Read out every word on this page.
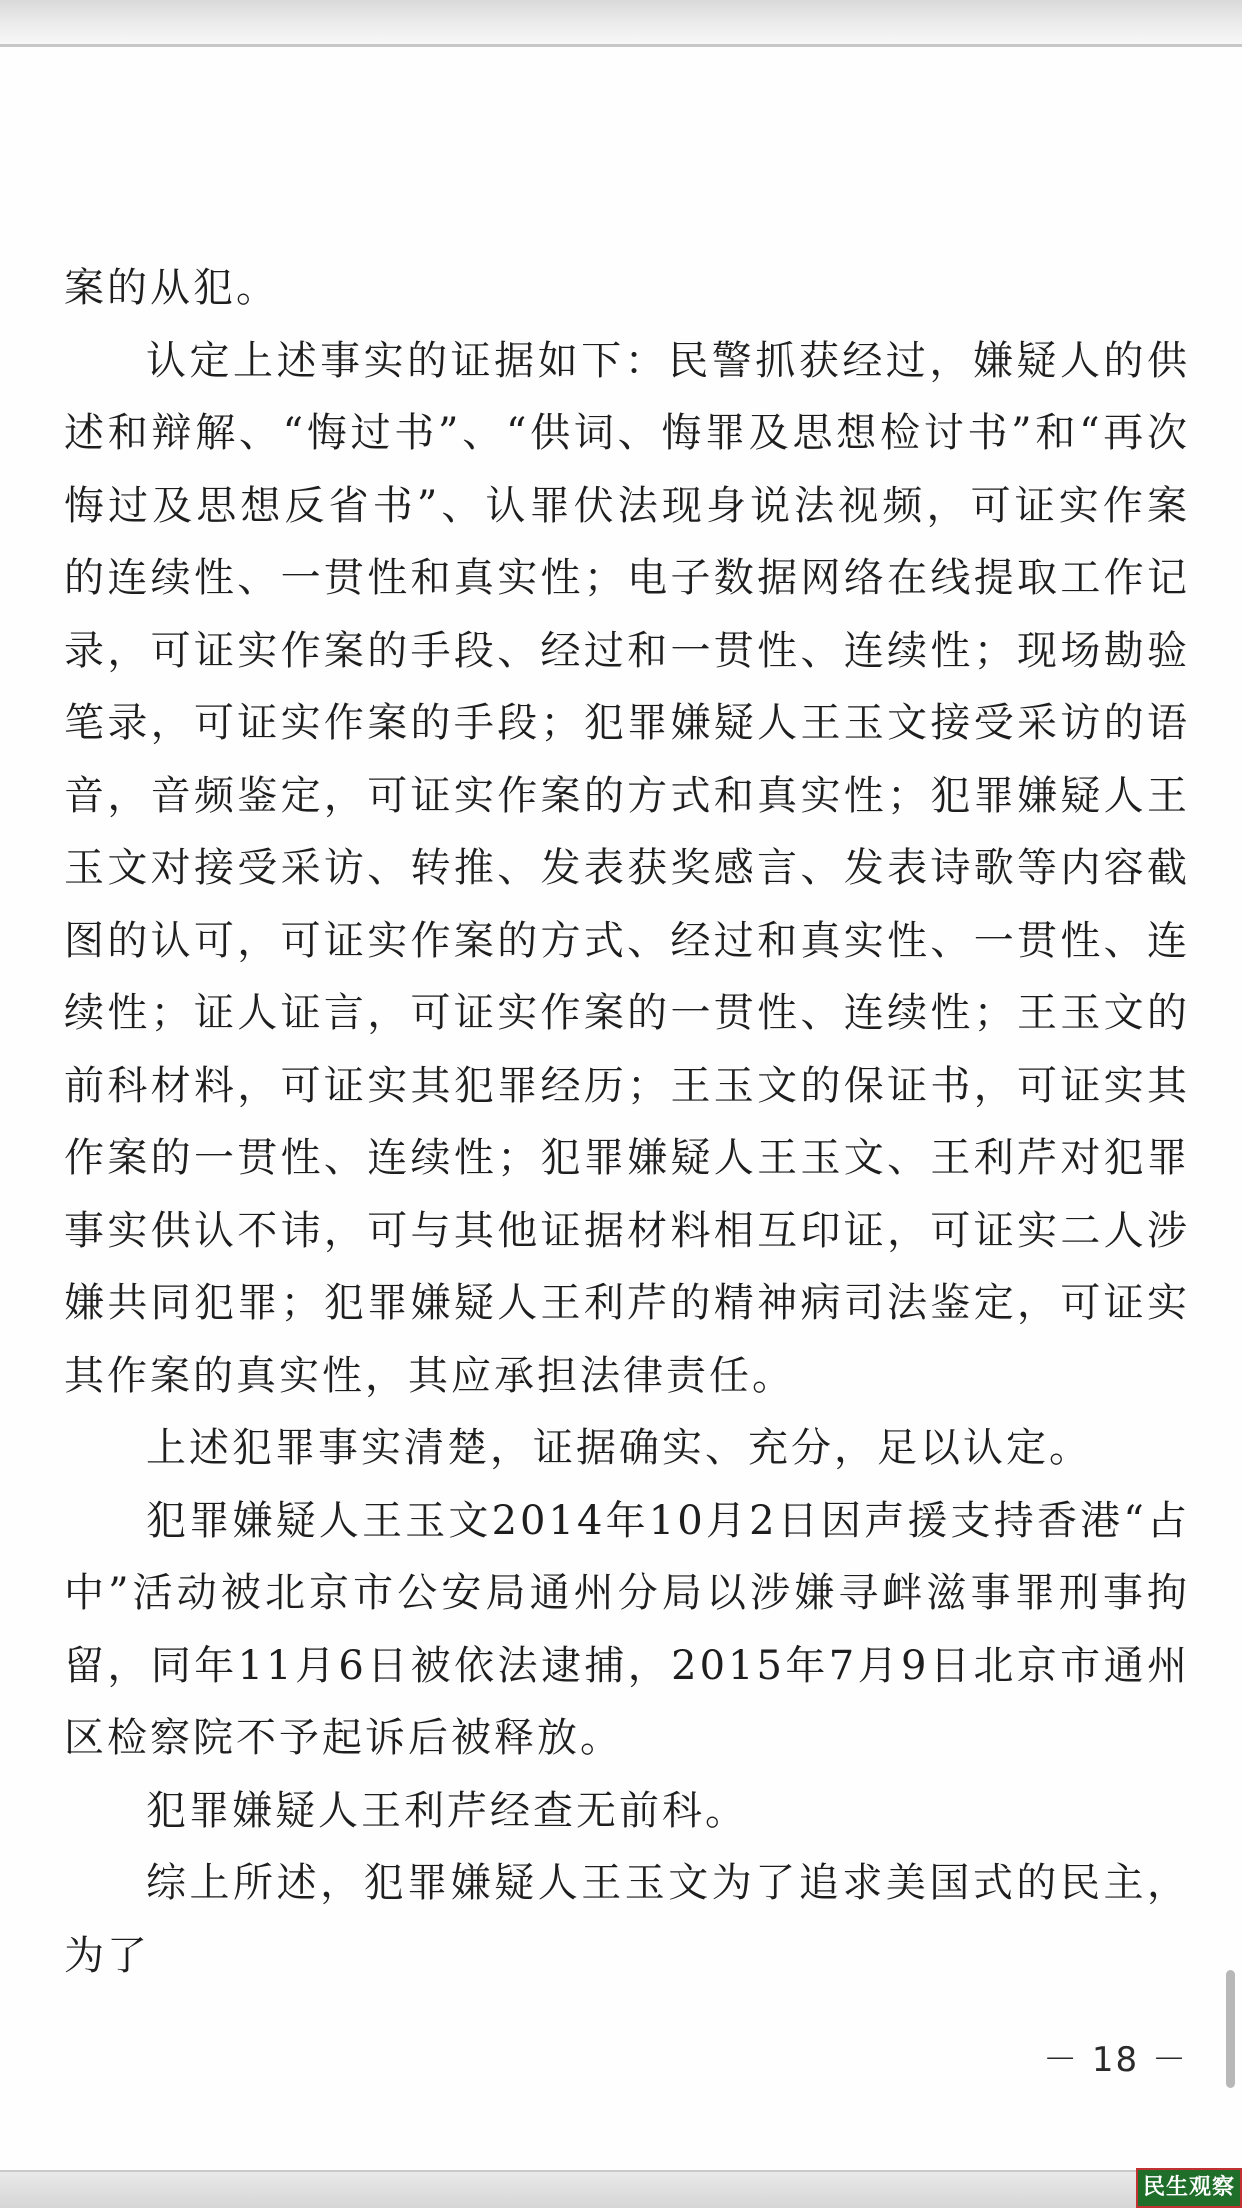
案的从犯。

认定上述事实的证据如下：民警抓获经过，嫌疑人的供述和辩解、“悔过书”、“供词、悔罪及思想检讨书”和“再次悔过及思想反省书”、认罪伏法现身说法视频，可证实作案的连续性、一贯性和真实性；电子数据网络在线提取工作记录，可证实作案的手段、经过和一贯性、连续性；现场勘验笔录，可证实作案的手段；犯罪嫌疑人王玉文接受采访的语音，音频鉴定，可证实作案的方式和真实性；犯罪嫌疑人王玉文对接受采访、转推、发表获奖感言、发表诗歌等内容截图的认可，可证实作案的方式、经过和真实性、一贯性、连续性；证人证言，可证实作案的一贯性、连续性；王玉文的前科材料，可证实其犯罪经历；王玉文的保证书，可证实其作案的一贯性、连续性；犯罪嫌疑人王玉文、王利芹对犯罪事实供认不讳，可与其他证据材料相互印证，可证实二人涉嫌共同犯罪；犯罪嫌疑人王利芹的精神病司法鉴定，可证实其作案的真实性，其应承担法律责任。

上述犯罪事实清楚，证据确实、充分，足以认定。

犯罪嫌疑人王玉文2014年10月2日因声援支持香港“占中”活动被北京市公安局通州分局以涉嫌寻衅滋事罪刑事拘留，同年11月6日被依法逮捕，2015年7月9日北京市通州区检察院不予起诉后被释放。

犯罪嫌疑人王利芹经查无前科。

综上所述，犯罪嫌疑人王玉文为了追求美国式的民主，为了

－ 18 －
民生观察
